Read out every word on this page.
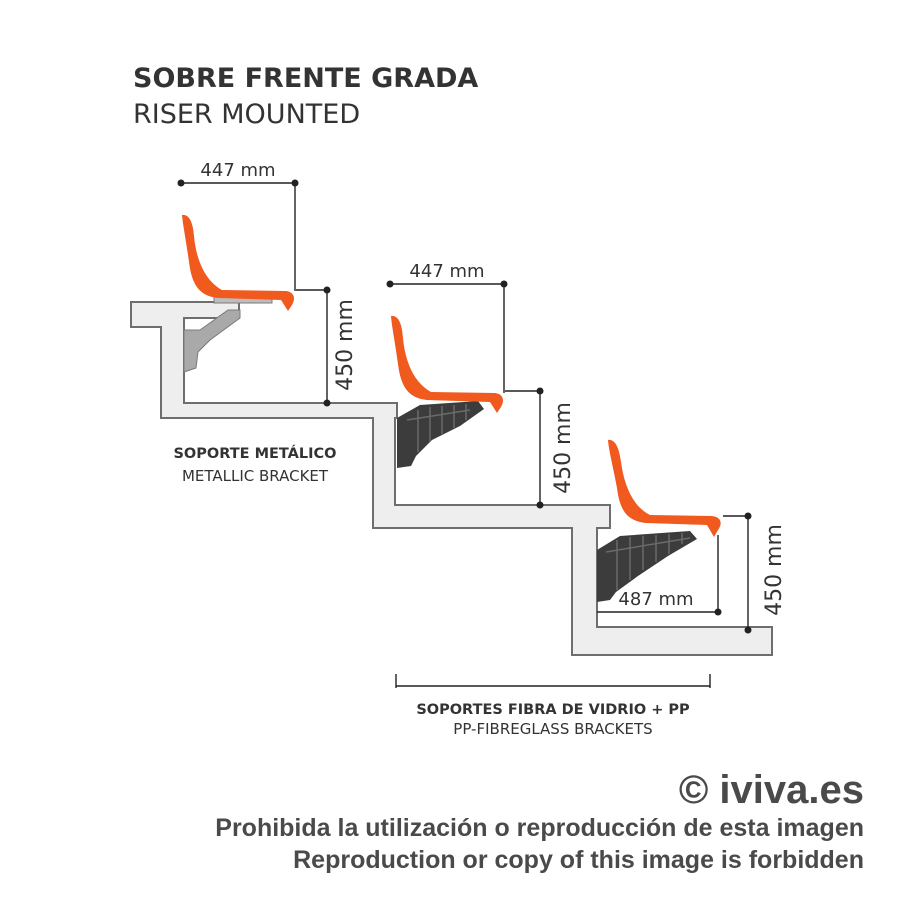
SOBRE FRENTE GRADA
RISER MOUNTED
447 mm
447 mm
487 mm
450 mm
450 mm
450 mm
SOPORTE METÁLICO
METALLIC BRACKET
SOPORTES FIBRA DE VIDRIO + PP
PP-FIBREGLASS BRACKETS
© iviva.es
Prohibida la utilización o reproducción de esta imagen
Reproduction or copy of this image is forbidden
